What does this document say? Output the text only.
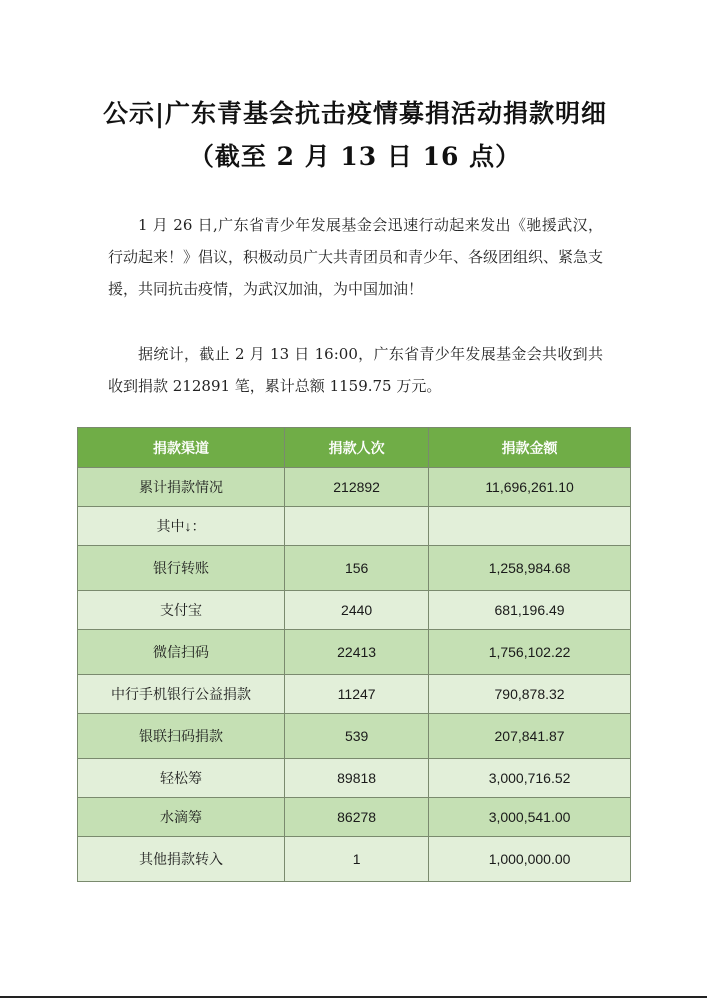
公示|广东青基会抗击疫情募捐活动捐款明细（截至 2 月 13 日 16 点）

1 月 26 日,广东省青少年发展基金会迅速行动起来发出《驰援武汉，行动起来！》倡议，积极动员广大共青团员和青少年、各级团组织、紧急支援，共同抗击疫情，为武汉加油，为中国加油！

据统计，截止 2 月 13 日 16:00，广东省青少年发展基金会共收到共收到捐款 212891 笔，累计总额 1159.75 万元。

捐款渠道	捐款人次	捐款金额
累计捐款情况	212892	11,696,261.10
其中↓：		
银行转账	156	1,258,984.68
支付宝	2440	681,196.49
微信扫码	22413	1,756,102.22
中行手机银行公益捐款	11247	790,878.32
银联扫码捐款	539	207,841.87
轻松筹	89818	3,000,716.52
水滴筹	86278	3,000,541.00
其他捐款转入	1	1,000,000.00
